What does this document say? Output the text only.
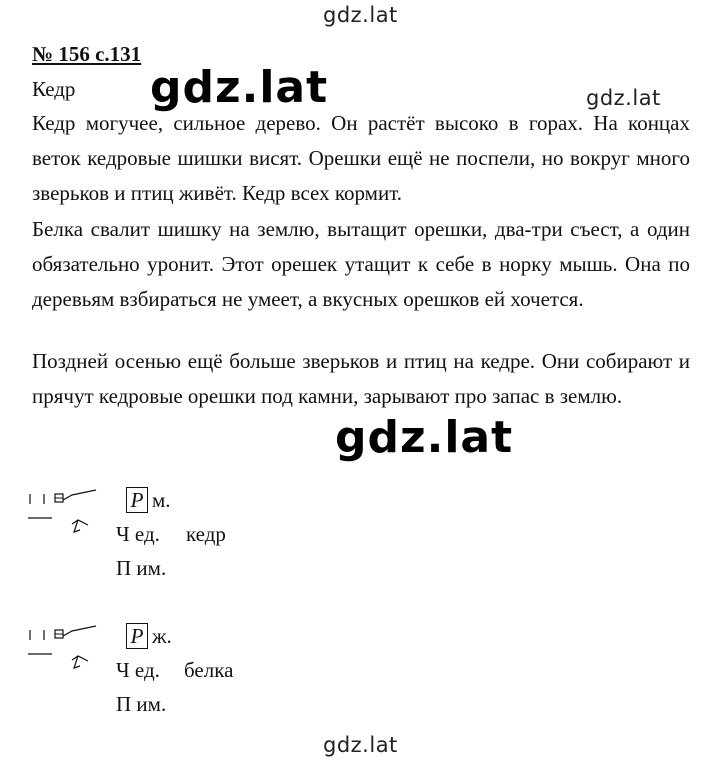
gdz.lat
gdz.lat
gdz.lat
gdz.lat
gdz.lat
№ 156 с.131
Кедр
Кедр могучее, сильное дерево. Он растёт высоко в горах. На концах веток кедровые шишки висят. Орешки ещё не поспели, но вокруг много зверьков и птиц живёт. Кедр всех кормит.
Белка свалит шишку на землю, вытащит орешки, два-три съест, а один обязательно уронит. Этот орешек утащит к себе в норку мышь. Она по деревьям взбираться не умеет, а вкусных орешков ей хочется.
Поздней осенью ещё больше зверьков и птиц на кедре. Они собирают и прячут кедровые орешки под камни, зарывают про запас в землю.
Р м.
Ч ед. кедр
П им.
Р ж.
Ч ед. белка
П им.
